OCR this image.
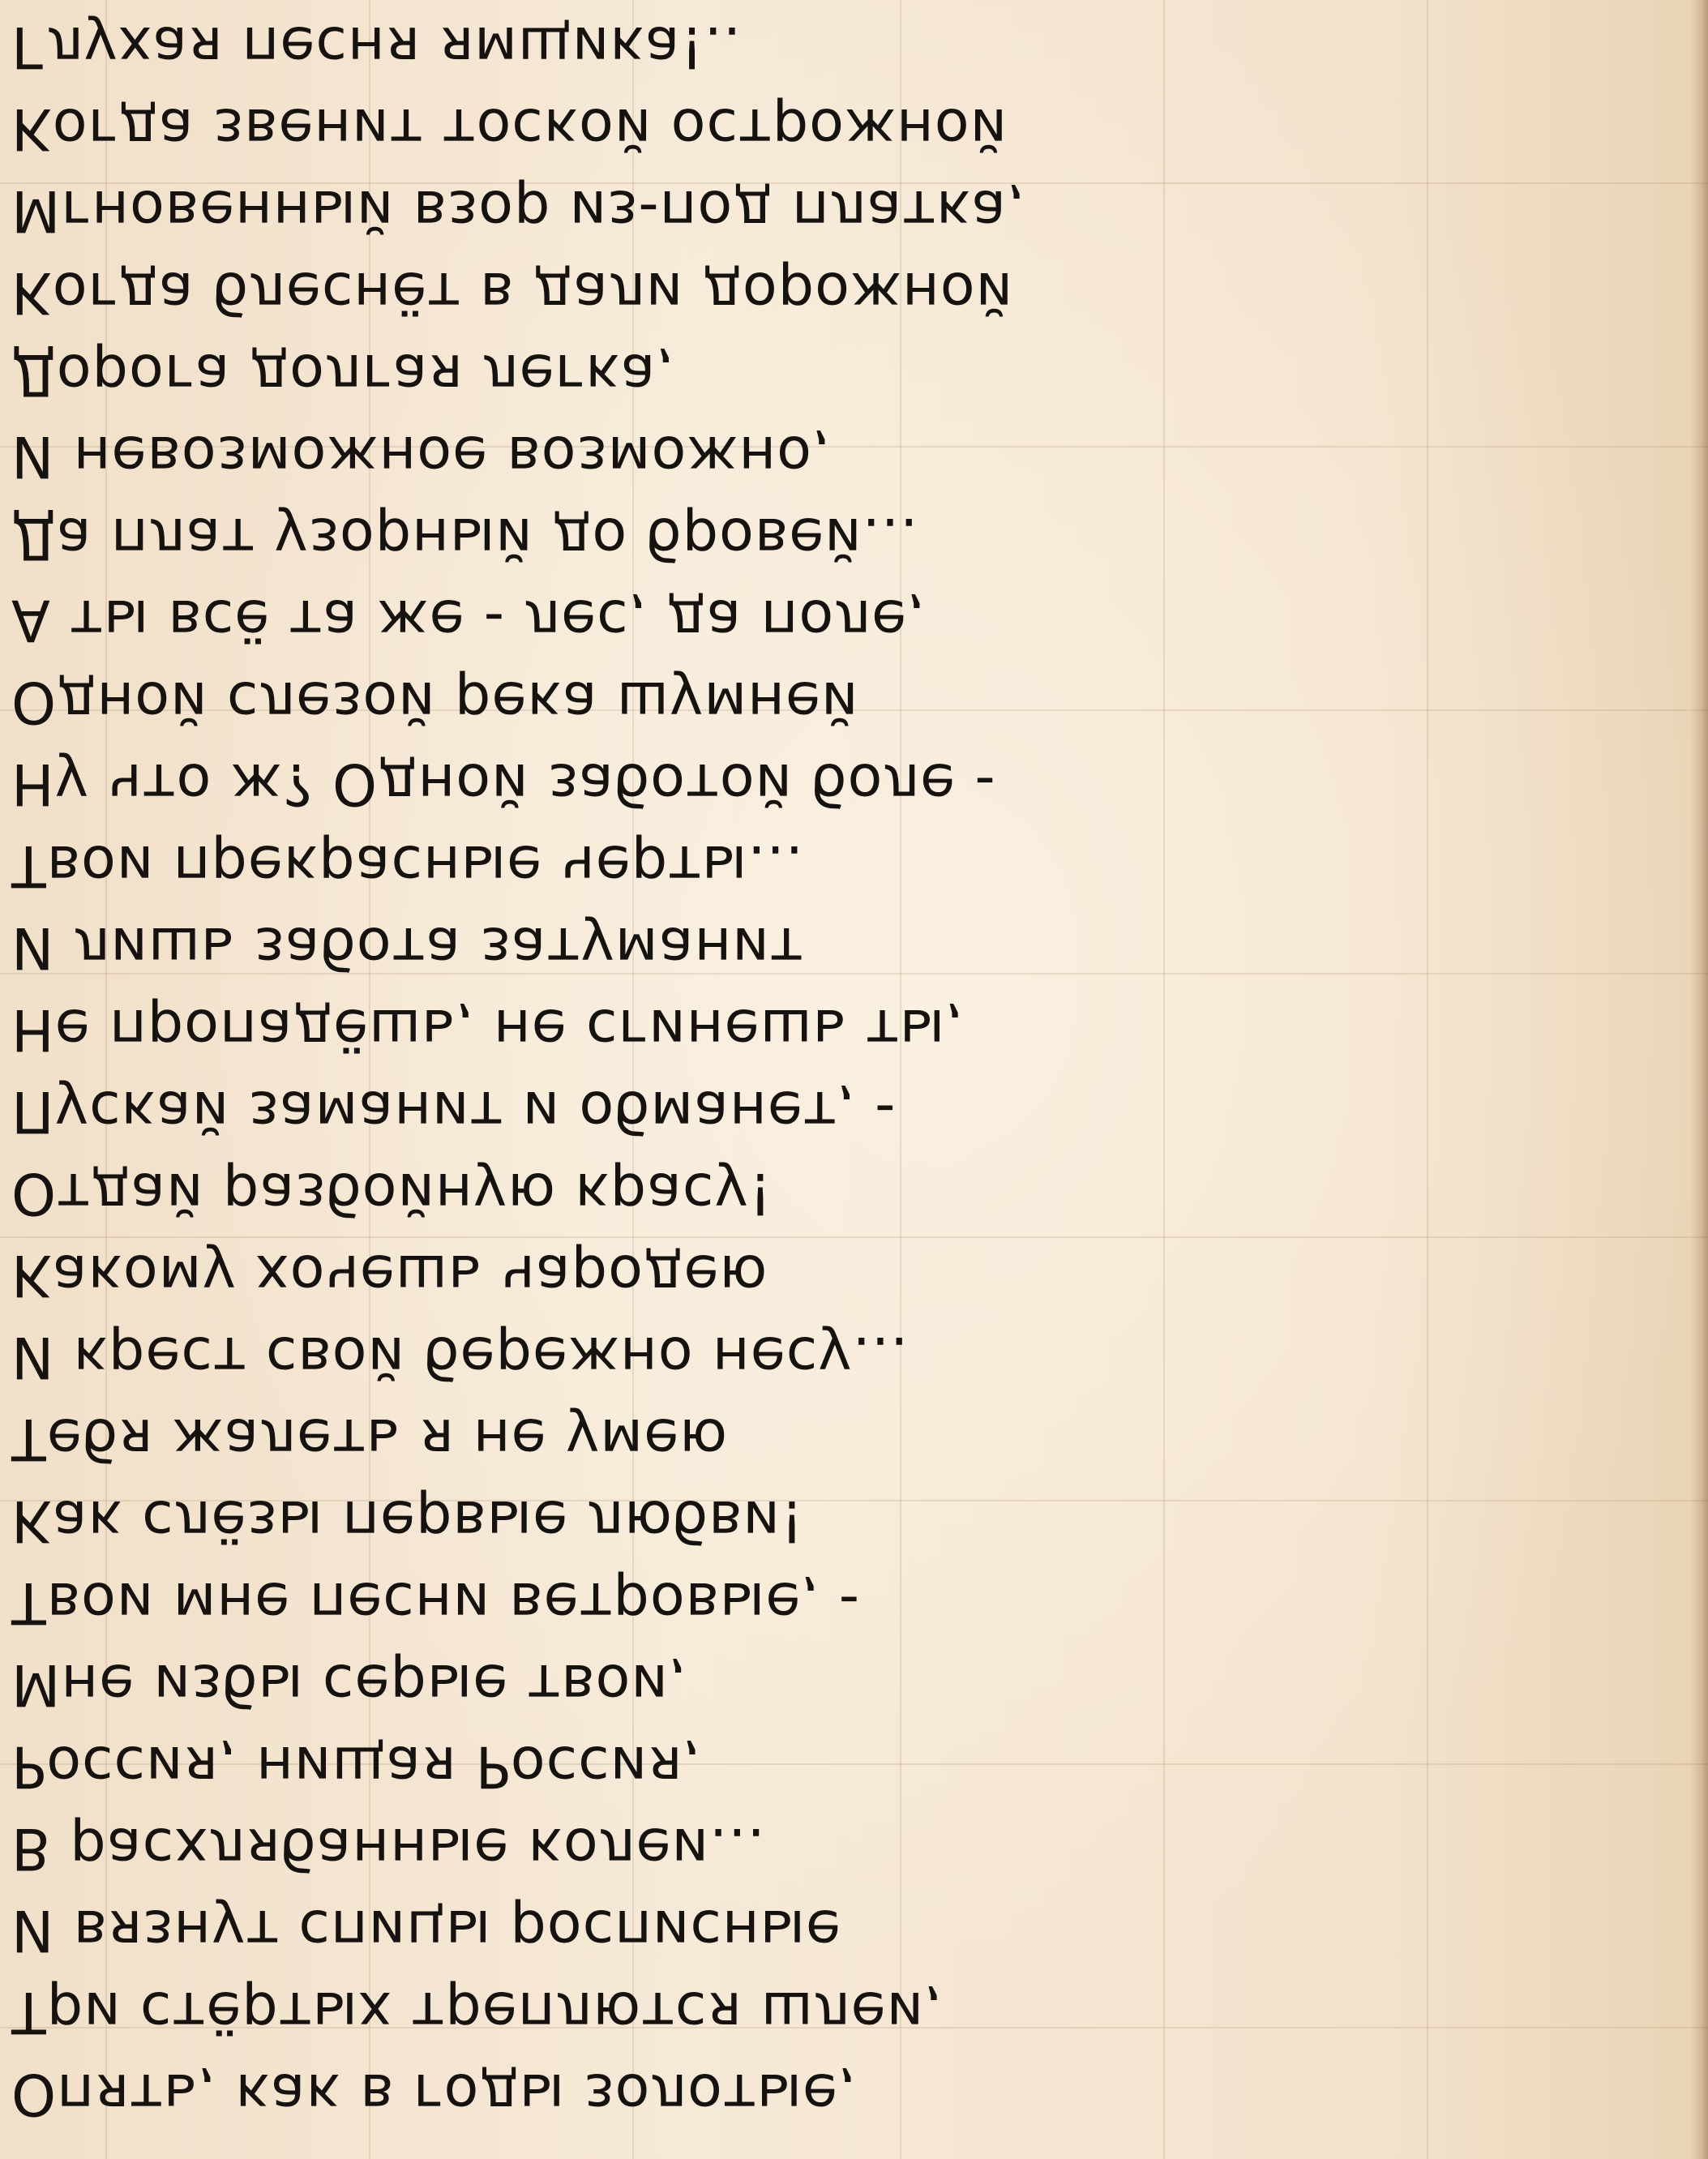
Глухая песня ямщика!..
Когда звенит тоской острожной
Мгновенный взор из-под платка,
Когда блеснёт в дали дорожной
Дорога долгая легка,
И невозможное возможно,
Да плат узорный до бровей...
А ты всё та же - лес, да поле,
Одной слезой река шумней
Ну что ж? Одной заботой боле -
Твои прекрасные черты...
И лишь забота затуманит
Не пропадёшь, не сгинешь ты,
Пускай заманит и обманет, -
Отдай разбойную красу!
Какому хочешь чародею
И крест свой бережно несу...
Тебя жалеть я не умею
Как слёзы первые любви!
Твои мне песни ветровые, -
Мне избы серые твои,
Россия, нищая Россия,
В расхлябанные колеи...
И вязнут спицы росписные
Три стёртых треплются шлеи,
Опять, как в годы золотые,
